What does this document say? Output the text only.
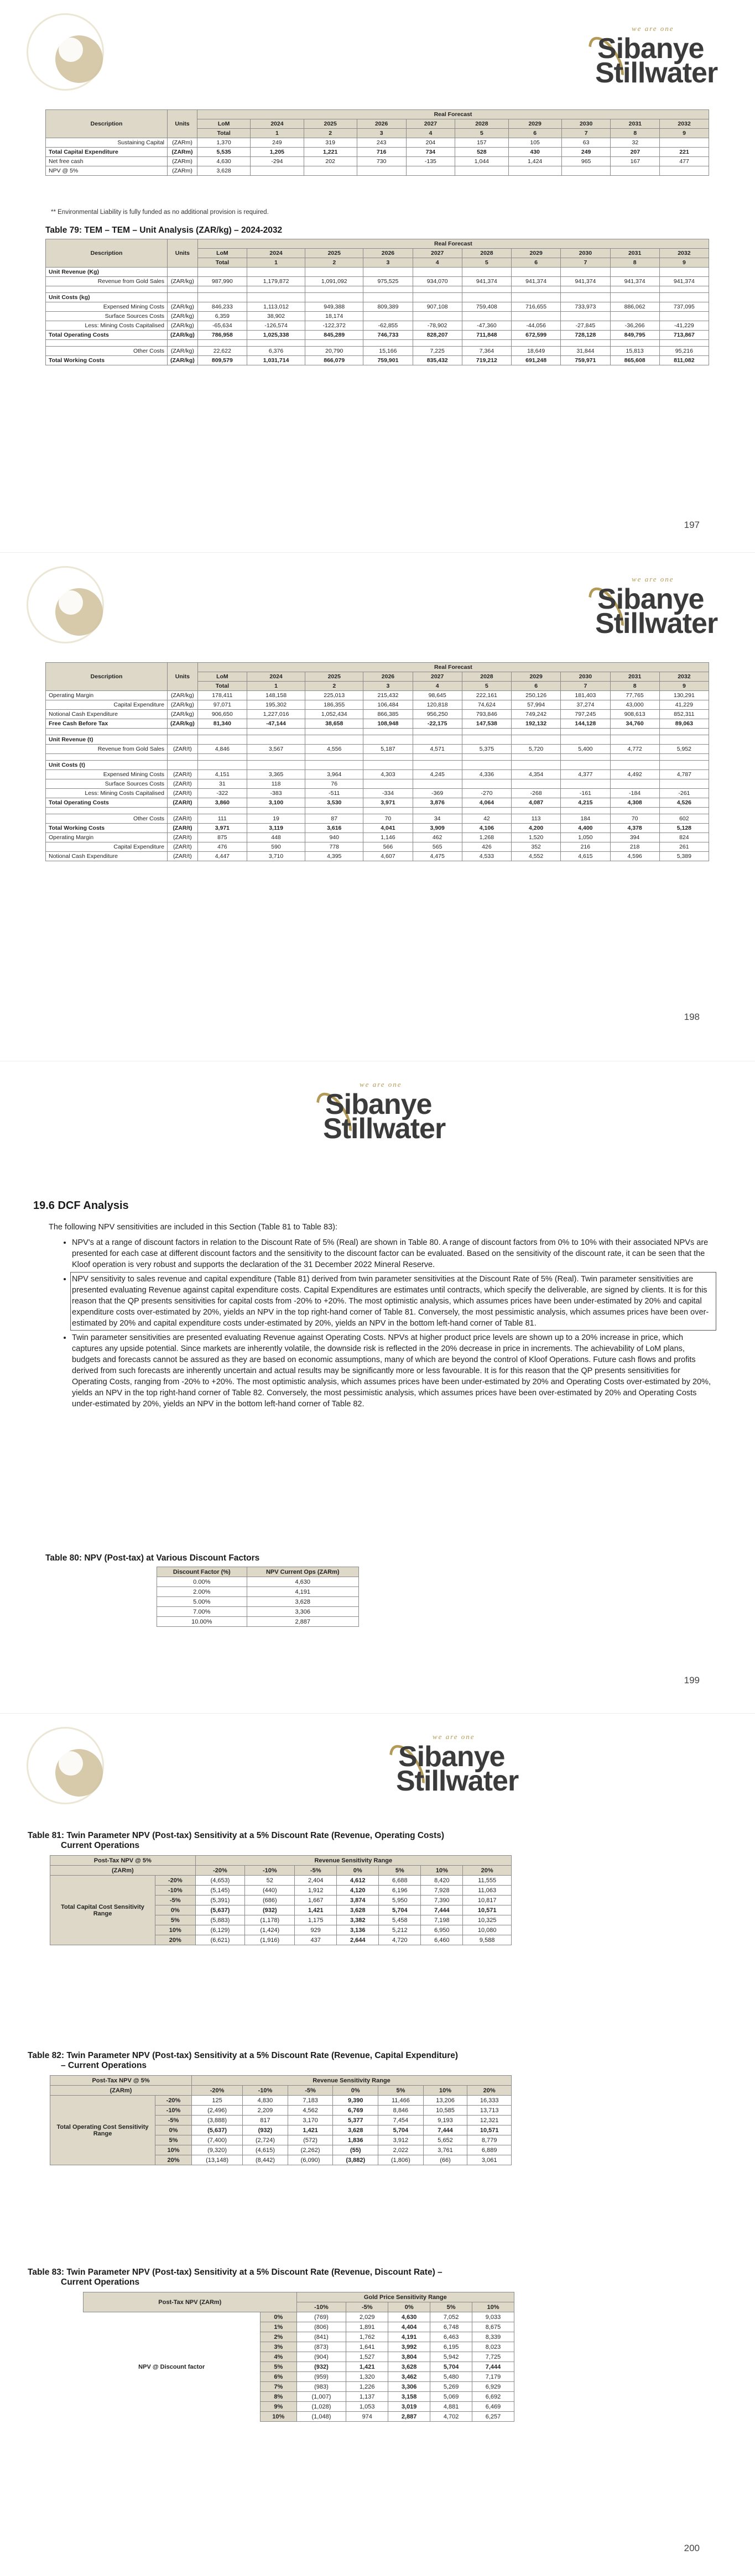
we are one
Sibanye
Stillwater
Description	Units	Real Forecast									
		LoM	2024	2025	2026	2027	2028	2029	2030	2031	2032
		Total	1	2	3	4	5	6	7	8	9
Sustaining Capital	(ZARm)	1,370	249	319	243	204	157	105	63	32	
Total Capital Expenditure	(ZARm)	5,535	1,205	1,221	716	734	528	430	249	207	221
Net free cash	(ZARm)	4,630	-294	202	730	-135	1,044	1,424	965	167	477
NPV @ 5%	(ZARm)	3,628									
** Environmental Liability is fully funded as no additional provision is required.
Table 79: TEM – TEM – Unit Analysis (ZAR/kg) – 2024-2032
Description	Units	Real Forecast									
		LoM	2024	2025	2026	2027	2028	2029	2030	2031	2032
		Total	1	2	3	4	5	6	7	8	9
Unit Revenue (Kg)											
Revenue from Gold Sales	(ZAR/kg)	987,990	1,179,872	1,091,092	975,525	934,070	941,374	941,374	941,374	941,374	941,374

Unit Costs (kg)											
Expensed Mining Costs	(ZAR/kg)	846,233	1,113,012	949,388	809,389	907,108	759,408	716,655	733,973	886,062	737,095
Surface Sources Costs	(ZAR/kg)	6,359	38,902	18,174							
Less: Mining Costs Capitalised	(ZAR/kg)	-65,634	-126,574	-122,372	-62,855	-78,902	-47,360	-44,056	-27,845	-36,266	-41,229
Total Operating Costs	(ZAR/kg)	786,958	1,025,338	845,289	746,733	828,207	711,848	672,599	728,128	849,795	713,867

Other Costs	(ZAR/kg)	22,622	6,376	20,790	15,166	7,225	7,364	18,649	31,844	15,813	95,216
Total Working Costs	(ZAR/kg)	809,579	1,031,714	866,079	759,901	835,432	719,212	691,248	759,971	865,608	811,082
197
we are one
Sibanye
Stillwater
Description	Units	Real Forecast									
		LoM	2024	2025	2026	2027	2028	2029	2030	2031	2032
		Total	1	2	3	4	5	6	7	8	9
Operating Margin	(ZAR/kg)	178,411	148,158	225,013	215,432	98,645	222,161	250,126	181,403	77,765	130,291
Capital Expenditure	(ZAR/kg)	97,071	195,302	186,355	106,484	120,818	74,624	57,994	37,274	43,000	41,229
Notional Cash Expenditure	(ZAR/kg)	906,650	1,227,016	1,052,434	866,385	956,250	793,846	749,242	797,245	908,613	852,311
Free Cash Before Tax	(ZAR/kg)	81,340	-47,144	38,658	108,948	-22,175	147,538	192,132	144,128	34,760	89,063

Unit Revenue (t)											
Revenue from Gold Sales	(ZAR/t)	4,846	3,567	4,556	5,187	4,571	5,375	5,720	5,400	4,772	5,952

Unit Costs (t)											
Expensed Mining Costs	(ZAR/t)	4,151	3,365	3,964	4,303	4,245	4,336	4,354	4,377	4,492	4,787
Surface Sources Costs	(ZAR/t)	31	118	76							
Less: Mining Costs Capitalised	(ZAR/t)	-322	-383	-511	-334	-369	-270	-268	-161	-184	-261
Total Operating Costs	(ZAR/t)	3,860	3,100	3,530	3,971	3,876	4,064	4,087	4,215	4,308	4,526

Other Costs	(ZAR/t)	111	19	87	70	34	42	113	184	70	602
Total Working Costs	(ZAR/t)	3,971	3,119	3,616	4,041	3,909	4,106	4,200	4,400	4,378	5,128
Operating Margin	(ZAR/t)	875	448	940	1,146	462	1,268	1,520	1,050	394	824
Capital Expenditure	(ZAR/t)	476	590	778	566	565	426	352	216	218	261
Notional Cash Expenditure	(ZAR/t)	4,447	3,710	4,395	4,607	4,475	4,533	4,552	4,615	4,596	5,389
198
we are one
Sibanye
Stillwater
19.6 DCF Analysis
The following NPV sensitivities are included in this Section (Table 81 to Table 83):
• NPV's at a range of discount factors in relation to the Discount Rate of 5% (Real) are shown in Table 80. A range of discount factors from 0% to 10% with their associated NPVs are presented for each case at different discount factors and the sensitivity to the discount factor can be evaluated. Based on the sensitivity of the discount rate, it can be seen that the Kloof operation is very robust and supports the declaration of the 31 December 2022 Mineral Reserve.
• NPV sensitivity to sales revenue and capital expenditure (Table 81) derived from twin parameter sensitivities at the Discount Rate of 5% (Real). Twin parameter sensitivities are presented evaluating Revenue against capital expenditure costs. Capital Expenditures are estimates until contracts, which specify the deliverable, are signed by clients. It is for this reason that the QP presents sensitivities for capital costs from -20% to +20%. The most optimistic analysis, which assumes prices have been under-estimated by 20% and capital expenditure costs over-estimated by 20%, yields an NPV in the top right-hand corner of Table 81. Conversely, the most pessimistic analysis, which assumes prices have been over-estimated by 20% and capital expenditure costs under-estimated by 20%, yields an NPV in the bottom left-hand corner of Table 81.
• Twin parameter sensitivities are presented evaluating Revenue against Operating Costs. NPVs at higher product price levels are shown up to a 20% increase in price, which captures any upside potential. Since markets are inherently volatile, the downside risk is reflected in the 20% decrease in price in increments. The achievability of LoM plans, budgets and forecasts cannot be assured as they are based on economic assumptions, many of which are beyond the control of Kloof Operations. Future cash flows and profits derived from such forecasts are inherently uncertain and actual results may be significantly more or less favourable. It is for this reason that the QP presents sensitivities for Operating Costs, ranging from -20% to +20%. The most optimistic analysis, which assumes prices have been under-estimated by 20% and Operating Costs over-estimated by 20%, yields an NPV in the top right-hand corner of Table 82. Conversely, the most pessimistic analysis, which assumes prices have been over-estimated by 20% and Operating Costs under-estimated by 20%, yields an NPV in the bottom left-hand corner of Table 82.
Table 80: NPV (Post-tax) at Various Discount Factors
Discount Factor (%)	NPV Current Ops (ZARm)
0.00%	4,630
2.00%	4,191
5.00%	3,628
7.00%	3,306
10.00%	2,887
199
we are one
Sibanye
Stillwater
Table 81: Twin Parameter NPV (Post-tax) Sensitivity at a 5% Discount Rate (Revenue, Operating Costs)
Current Operations
Post-Tax NPV @ 5%		Revenue Sensitivity Range						
(ZARm)		-20%	-10%	-5%	0%	5%	10%	20%
Total Capital Cost Sensitivity Range	-20%	(4,653)	52	2,404	4,612	6,688	8,420	11,555
	-10%	(5,145)	(440)	1,912	4,120	6,196	7,928	11,063
	-5%	(5,391)	(686)	1,667	3,874	5,950	7,390	10,817
	0%	(5,637)	(932)	1,421	3,628	5,704	7,444	10,571
	5%	(5,883)	(1,178)	1,175	3,382	5,458	7,198	10,325
	10%	(6,129)	(1,424)	929	3,136	5,212	6,950	10,080
	20%	(6,621)	(1,916)	437	2,644	4,720	6,460	9,588
Table 82: Twin Parameter NPV (Post-tax) Sensitivity at a 5% Discount Rate (Revenue, Capital Expenditure)
– Current Operations
Post-Tax NPV @ 5%		Revenue Sensitivity Range						
(ZARm)		-20%	-10%	-5%	0%	5%	10%	20%
Total Operating Cost Sensitivity Range	-20%	125	4,830	7,183	9,390	11,466	13,206	16,333
	-10%	(2,496)	2,209	4,562	6,769	8,846	10,585	13,713
	-5%	(3,888)	817	3,170	5,377	7,454	9,193	12,321
	0%	(5,637)	(932)	1,421	3,628	5,704	7,444	10,571
	5%	(7,400)	(2,724)	(572)	1,836	3,912	5,652	8,779
	10%	(9,320)	(4,615)	(2,262)	(55)	2,022	3,761	6,889
	20%	(13,148)	(8,442)	(6,090)	(3,882)	(1,806)	(66)	3,061
Table 83: Twin Parameter NPV (Post-tax) Sensitivity at a 5% Discount Rate (Revenue, Discount Rate) –
Current Operations
Post-Tax NPV (ZARm)		Gold Price Sensitivity Range				
		-10%	-5%	0%	5%	10%
NPV @ Discount factor	0%	(769)	2,029	4,630	7,052	9,033
	1%	(806)	1,891	4,404	6,748	8,675
	2%	(841)	1,762	4,191	6,463	8,339
	3%	(873)	1,641	3,992	6,195	8,023
	4%	(904)	1,527	3,804	5,942	7,725
	5%	(932)	1,421	3,628	5,704	7,444
	6%	(959)	1,320	3,462	5,480	7,179
	7%	(983)	1,226	3,306	5,269	6,929
	8%	(1,007)	1,137	3,158	5,069	6,692
	9%	(1,028)	1,053	3,019	4,881	6,469
	10%	(1,048)	974	2,887	4,702	6,257
200
